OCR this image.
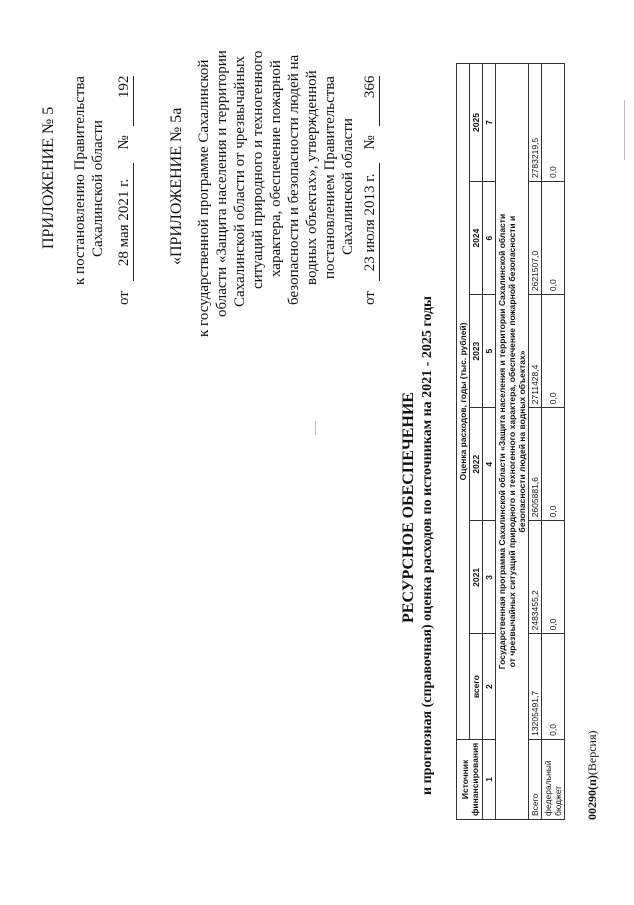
ПРИЛОЖЕНИЕ № 5 к постановлению Правительства Сахалинской области
от 28 мая 2021 г. № 192
«ПРИЛОЖЕНИЕ № 5а к государственной программе Сахалинской области «Защита населения и территории Сахалинской области от чрезвычайных ситуаций природного и техногенного характера, обеспечение пожарной безопасности и безопасности людей на водных объектах», утвержденной постановлением Правительства Сахалинской области
от 23 июля 2013 г. № 366
РЕСУРСНОЕ ОБЕСПЕЧЕНИЕ и прогнозная (справочная) оценка расходов по источникам на 2021 - 2025 годы	Источник финансирования	Оценка расходов, годы (тыс. рублей)					
	всего	2021	2022	2023	2024	2025
1	2	3	4	5	6	7

Государственная программа Сахалинской области «Защита населения и территории Сахалинской области от чрезвычайных ситуаций природного и техногенного характера, обеспечение пожарной безопасности и безопасности людей на водных объектах»						

Всего	13205491,7	2483455,2	2605881,6	2711428,4	2621507,0	2783219,5
федеральный бюджет	0,0	0,0	0,0	0,0	0,0	0,0
00290(п)(Версия)
